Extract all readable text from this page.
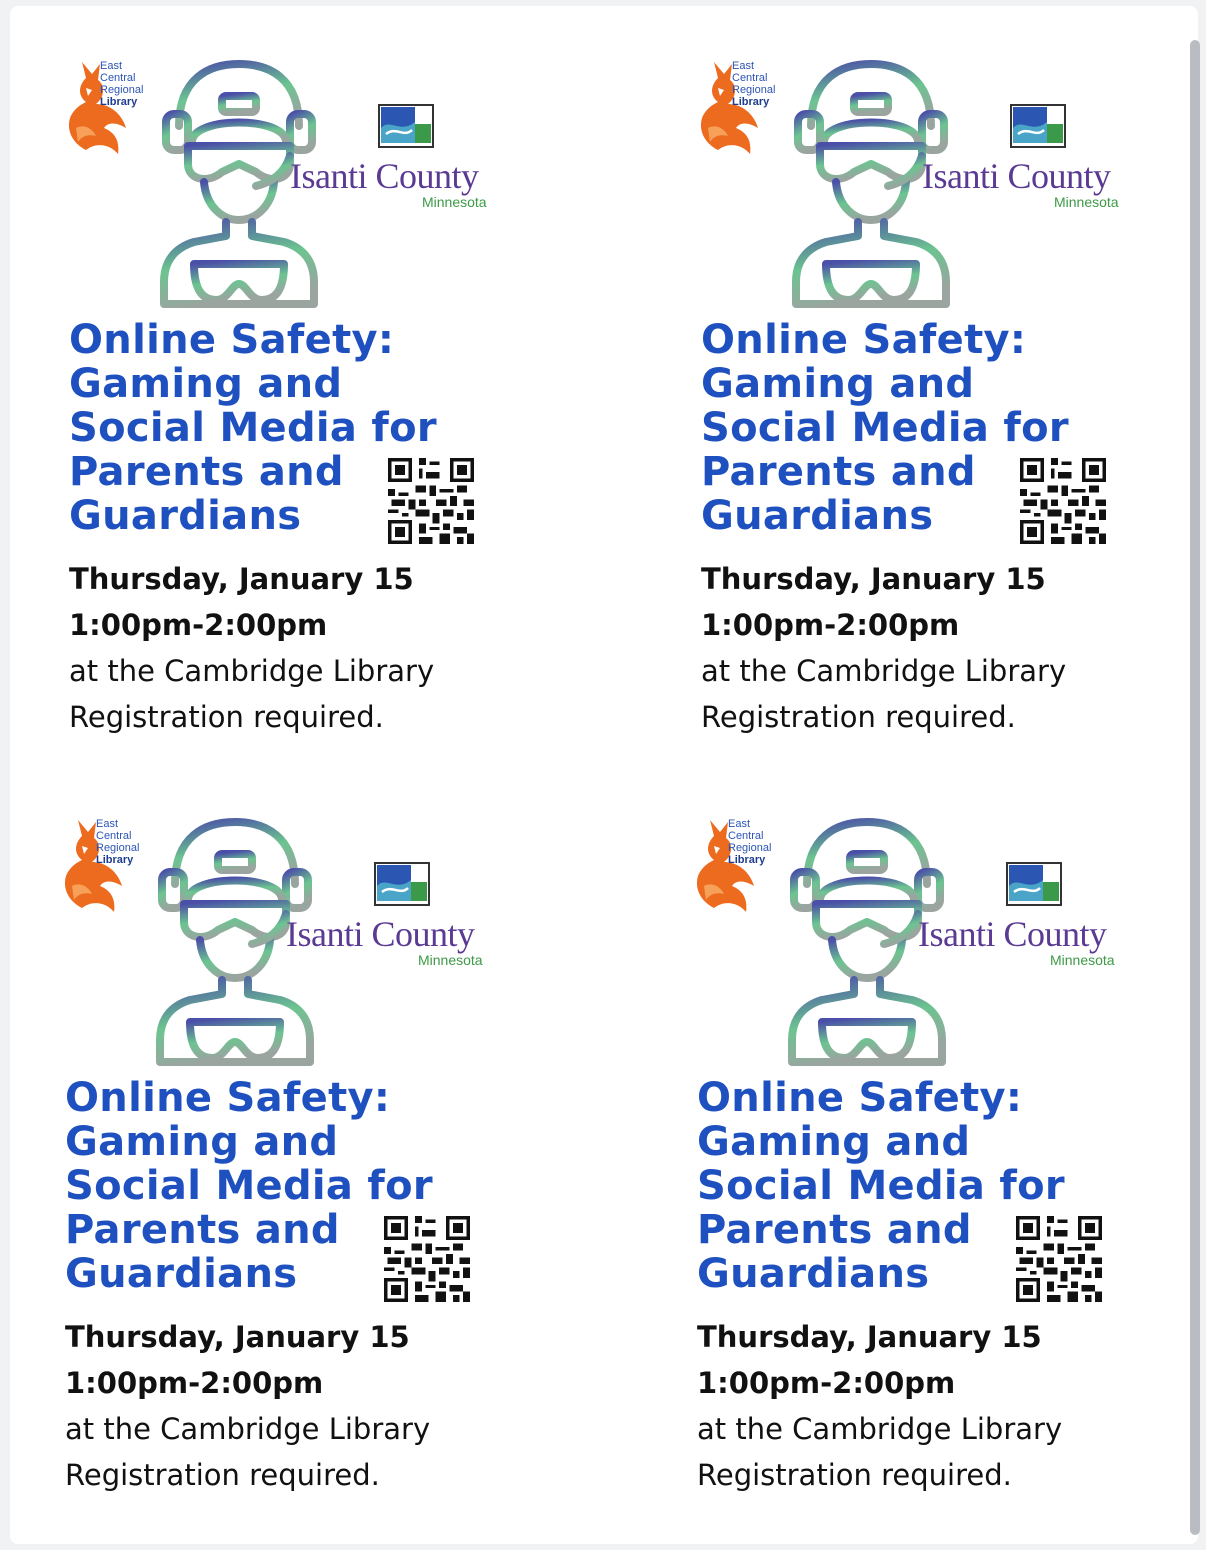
East
Central
Regional
Library
Isanti County
Minnesota
Online Safety:
Gaming and
Social Media for
Parents and
Guardians
Thursday, January 15
1:00pm-2:00pm
at the Cambridge Library
Registration required.
East
Central
Regional
Library
Isanti County
Minnesota
Online Safety:
Gaming and
Social Media for
Parents and
Guardians
Thursday, January 15
1:00pm-2:00pm
at the Cambridge Library
Registration required.
East
Central
Regional
Library
Isanti County
Minnesota
Online Safety:
Gaming and
Social Media for
Parents and
Guardians
Thursday, January 15
1:00pm-2:00pm
at the Cambridge Library
Registration required.
East
Central
Regional
Library
Isanti County
Minnesota
Online Safety:
Gaming and
Social Media for
Parents and
Guardians
Thursday, January 15
1:00pm-2:00pm
at the Cambridge Library
Registration required.
